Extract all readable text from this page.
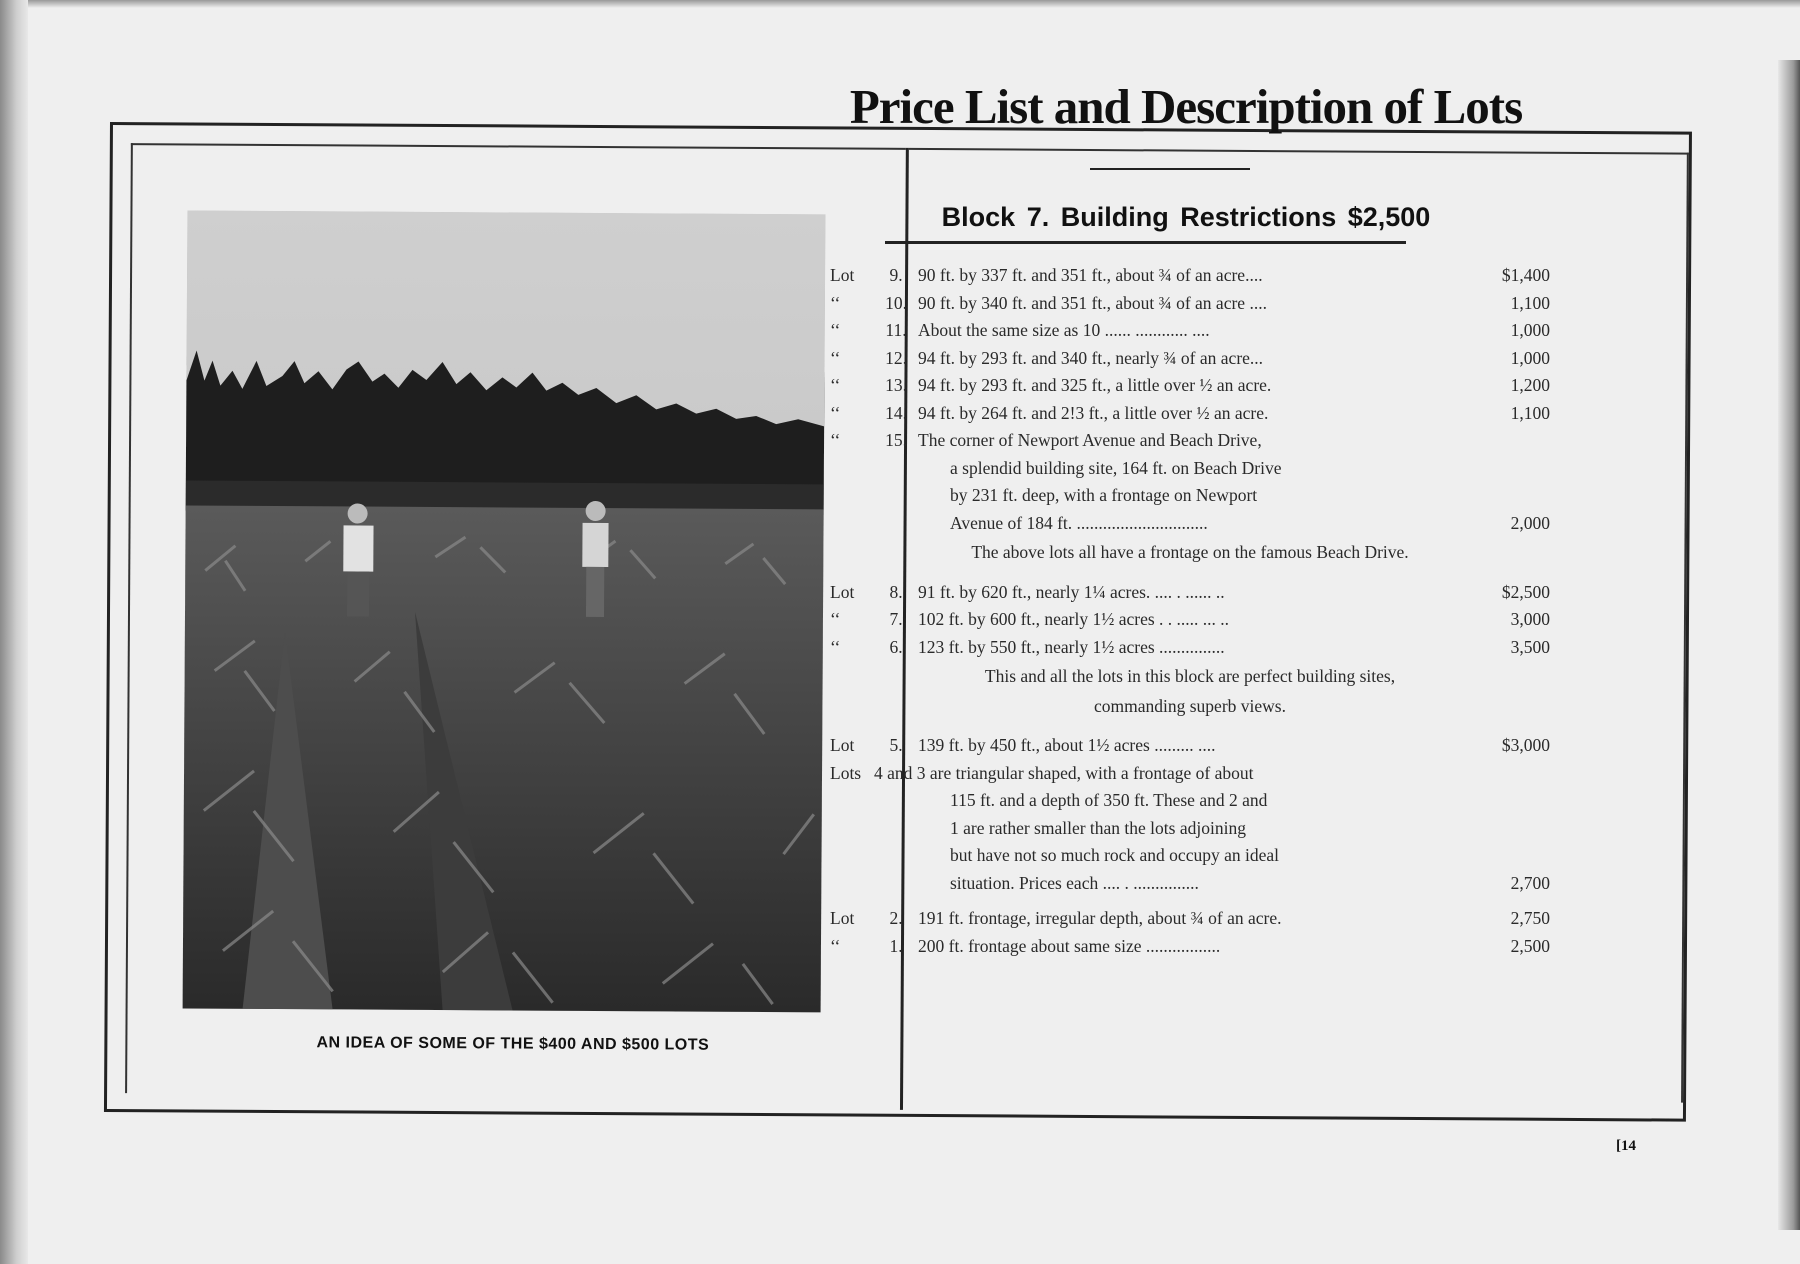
AN IDEA OF SOME OF THE $400 AND $500 LOTS
Price List and Description of Lots
Block 7. Building Restrictions $2,500
Lot	9. 90 ft. by 337 ft. and 351 ft., about ¾ of an acre....	$1,400
‘‘	10. 90 ft. by 340 ft. and 351 ft., about ¾ of an acre ....	1,100
‘‘	11. About the same size as 10 ...... ............ ....	1,000
‘‘	12. 94 ft. by 293 ft. and 340 ft., nearly ¾ of an acre...	1,000
‘‘	13. 94 ft. by 293 ft. and 325 ft., a little over ½ an acre.	1,200
‘‘	14. 94 ft. by 264 ft. and 2!3 ft., a little over ½ an acre.	1,100
‘‘	15. The corner of Newport Avenue and Beach Drive,
a splendid building site, 164 ft. on Beach Drive
by 231 ft. deep, with a frontage on Newport
Avenue of 184 ft. ..............................	2,000
The above lots all have a frontage on the famous Beach Drive.
Lot	8. 91 ft. by 620 ft., nearly 1¼ acres. .... . ...... ..	$2,500
‘‘	7. 102 ft. by 600 ft., nearly 1½ acres . . ..... ... ..	3,000
‘‘	6. 123 ft. by 550 ft., nearly 1½ acres ...............	3,500
This and all the lots in this block are perfect building sites,
commanding superb views.
Lot	5. 139 ft. by 450 ft., about 1½ acres ......... ....	$3,000
Lots 4 and 3 are triangular shaped, with a frontage of about
115 ft. and a depth of 350 ft. These and 2 and
1 are rather smaller than the lots adjoining
but have not so much rock and occupy an ideal
situation. Prices each .... . ...............	2,700
Lot	2. 191 ft. frontage, irregular depth, about ¾ of an acre.	2,750
‘‘	1. 200 ft. frontage about same size .................	2,500
[14
